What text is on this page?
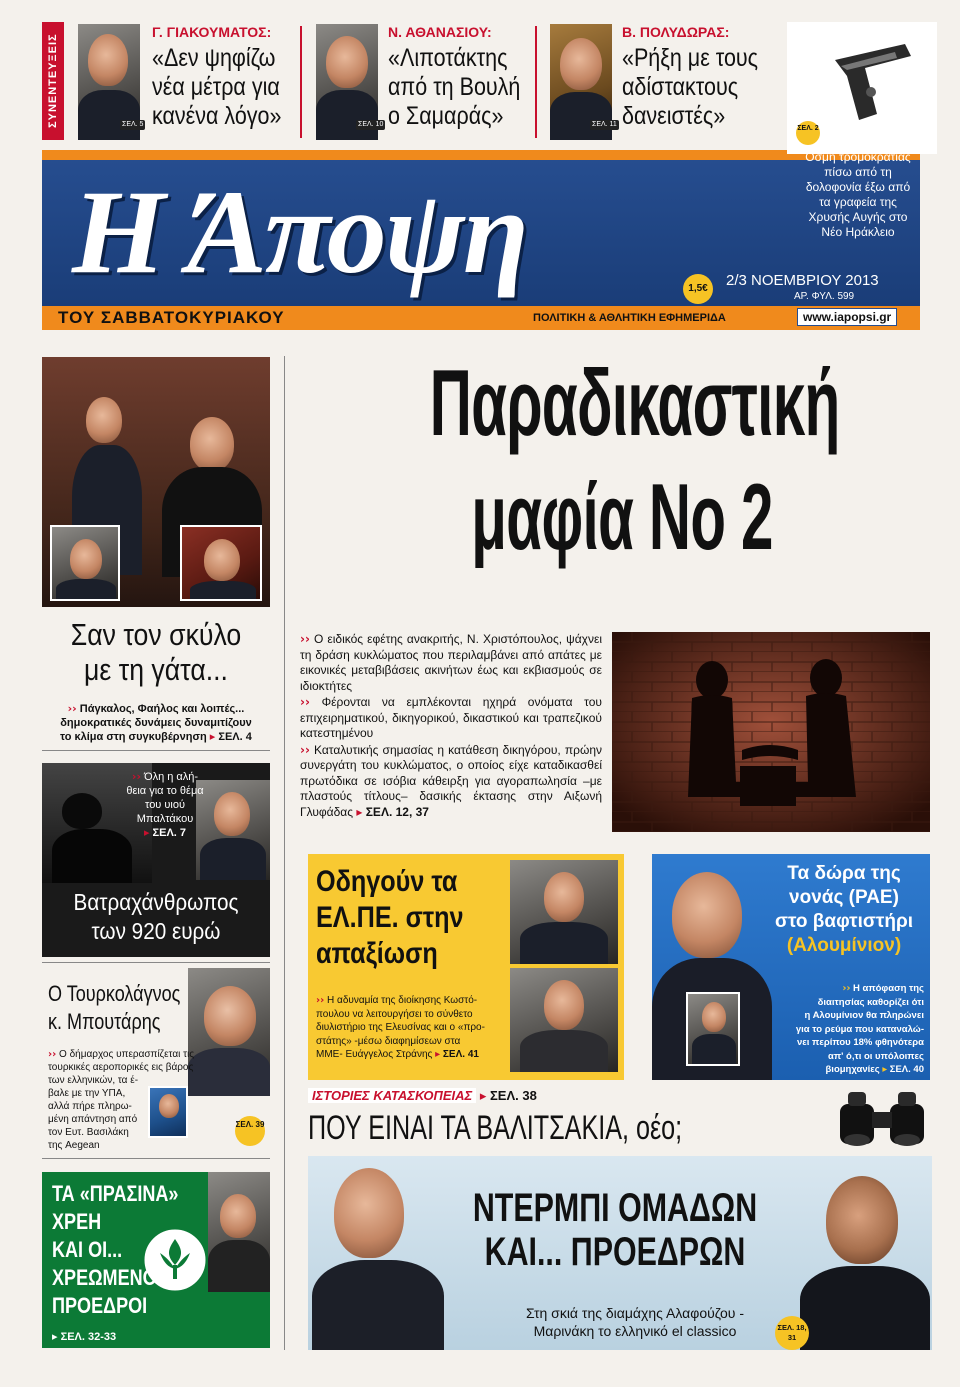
ΣΥΝΕΝΤΕΥΞΕΙΣ	ΣΕΛ. 5
Γ. ΓΙΑΚΟΥΜΑΤΟΣ:
«Δεν ψηφίζω
νέα μέτρα για
κανένα λόγο»	ΣΕΛ. 10
Ν. ΑΘΑΝΑΣΙΟΥ:
«Λιποτάκτης
από τη Βουλή
ο Σαμαράς»	ΣΕΛ. 11
Β. ΠΟΛΥΔΩΡΑΣ:
«Ρήξη με τους
αδίστακτους
δανειστές»
Η Άποψη
ΣΕΛ. 2
Οσμή τρομοκρατίας
πίσω από τη
δολοφονία έξω από
τα γραφεία της
Χρυσής Αυγής στο
Νέο Ηράκλειο
1,5€	2/3 ΝΟΕΜΒΡΙΟΥ 2013
ΑΡ. ΦΥΛ. 599
ΤΟΥ ΣΑΒΒΑΤΟΚΥΡΙΑΚΟΥ	ΠΟΛΙΤΙΚΗ & ΑΘΛΗΤΙΚΗ ΕΦΗΜΕΡΙΔΑ	www.iapopsi.gr
Σαν τον σκύλο
με τη γάτα...
›› Πάγκαλος, Φαήλος και λοιπές...
δημοκρατικές δυνάμεις δυναμιτίζουν
το κλίμα στη συγκυβέρνηση ▸ ΣΕΛ. 4
›› Όλη η αλή-
θεια για το θέμα
του υιού
Μπαλτάκου
▸ ΣΕΛ. 7
Βατραχάνθρωπος
των 920 ευρώ
ΣΕΛ. 39
Ο Τουρκολάγνος
κ. Μπουτάρης
›› Ο δήμαρχος υπερασπίζεται τις
τουρκικές αεροπορικές εις βάρος
των ελληνικών, τα έ-
βαλε με την ΥΠΑ,
αλλά πήρε πληρω-
μένη απάντηση από
τον Ευτ. Βασιλάκη
της Aegean
ΤΑ «ΠΡΑΣΙΝΑ»
ΧΡΕΗ
ΚΑΙ ΟΙ...
ΧΡΕΩΜΕΝΟΙ
ΠΡΟΕΔΡΟΙ
▸ ΣΕΛ. 32-33
Παραδικαστική
μαφία Νο 2

›› Ο ειδικός εφέτης ανακριτής, Ν. Χριστόπουλος, ψάχνει τη δράση κυκλώματος που περιλαμβάνει από απάτες με εικονικές μεταβιβάσεις ακινήτων έως και εκβιασμούς σε ιδιοκτήτες

›› Φέρονται να εμπλέκονται ηχηρά ονόματα του επιχειρηματικού, δικηγορικού, δικαστικού και τραπεζικού κατεστημένου

›› Καταλυτικής σημασίας η κατάθεση δικηγόρου, πρώην συνεργάτη του κυκλώματος, ο οποίος είχε καταδικασθεί πρωτόδικα σε ισόβια κάθειρξη για αγοραπωλησία –με πλαστούς τίτλους– δασικής έκτασης στην Αιξωνή Γλυφάδας ▸ ΣΕΛ. 12, 37

Οδηγούν τα
ΕΛ.ΠΕ. στην
απαξίωση
›› Η αδυναμία της διοίκησης Κωστό-
πουλου να λειτουργήσει το σύνθετο
διυλιστήριο της Ελευσίνας και ο «προ-
στάτης» -μέσω διαφημίσεων στα
ΜΜΕ- Ευάγγελος Στράνης ▸ ΣΕΛ. 41
Τα δώρα της
νονάς (ΡΑΕ)
στο βαφτιστήρι
(Αλουμίνιον)
›› Η απόφαση της
διαιτησίας καθορίζει ότι
η Αλουμίνιον θα πληρώνει
για το ρεύμα που καταναλώ-
νει περίπου 18% φθηνότερα
απ' ό,τι οι υπόλοιπες
βιομηχανίες ▸ ΣΕΛ. 40
ΙΣΤΟΡΙΕΣ ΚΑΤΑΣΚΟΠΕΙΑΣ ▸ ΣΕΛ. 38
ΠΟΥ ΕΙΝΑΙ ΤΑ ΒΑΛΙΤΣΑΚΙΑ, οέο;
ΝΤΕΡΜΠΙ ΟΜΑΔΩΝ
ΚΑΙ... ΠΡΟΕΔΡΩΝ
Στη σκιά της διαμάχης Αλαφούζου -
Μαρινάκη το ελληνικό el classico	ΣΕΛ. 18, 31
